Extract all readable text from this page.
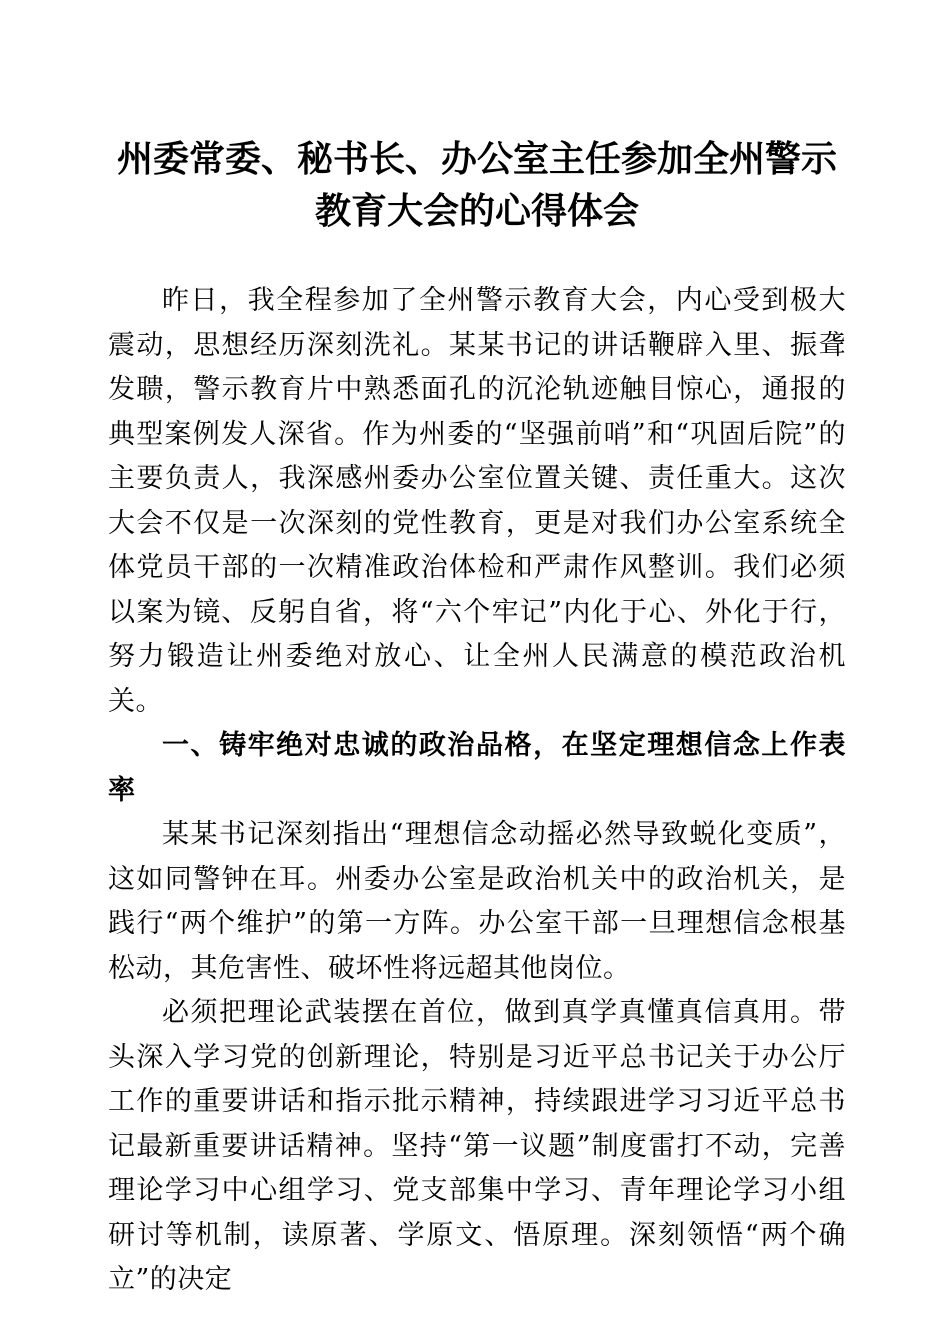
州委常委、秘书长、办公室主任参加全州警示教育大会的心得体会

昨日，我全程参加了全州警示教育大会，内心受到极大震动，思想经历深刻洗礼。某某书记的讲话鞭辟入里、振聋发聩，警示教育片中熟悉面孔的沉沦轨迹触目惊心，通报的典型案例发人深省。作为州委的“坚强前哨”和“巩固后院”的主要负责人，我深感州委办公室位置关键、责任重大。这次大会不仅是一次深刻的党性教育，更是对我们办公室系统全体党员干部的一次精准政治体检和严肃作风整训。我们必须以案为镜、反躬自省，将“六个牢记”内化于心、外化于行，努力锻造让州委绝对放心、让全州人民满意的模范政治机关。

一、铸牢绝对忠诚的政治品格，在坚定理想信念上作表率

某某书记深刻指出“理想信念动摇必然导致蜕化变质”，这如同警钟在耳。州委办公室是政治机关中的政治机关，是践行“两个维护”的第一方阵。办公室干部一旦理想信念根基松动，其危害性、破坏性将远超其他岗位。

必须把理论武装摆在首位，做到真学真懂真信真用。带头深入学习党的创新理论，特别是习近平总书记关于办公厅工作的重要讲话和指示批示精神，持续跟进学习习近平总书记最新重要讲话精神。坚持“第一议题”制度雷打不动，完善理论学习中心组学习、党支部集中学习、青年理论学习小组研讨等机制，读原著、学原文、悟原理。深刻领悟“两个确立”的决定
